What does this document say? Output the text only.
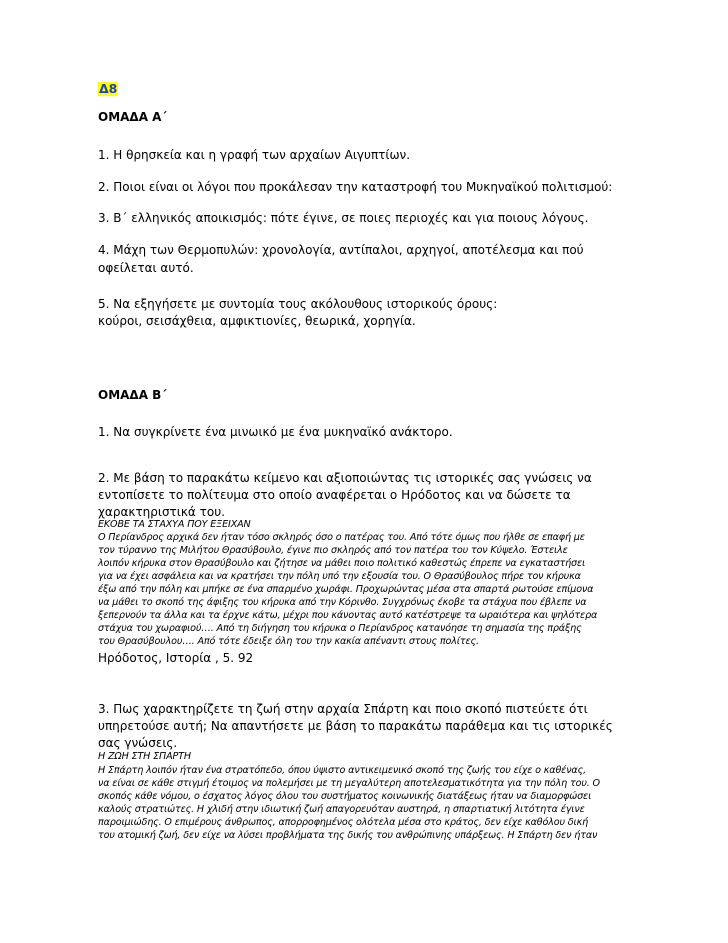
Δ8
ΟΜΑΔΑ Α΄
1. Η θρησκεία και η γραφή των αρχαίων Αιγυπτίων.
2. Ποιοι είναι οι λόγοι που προκάλεσαν την καταστροφή του Μυκηναϊκού πολιτισμού:
3. Β΄ ελληνικός αποικισμός: πότε έγινε, σε ποιες περιοχές και για ποιους λόγους.
4. Μάχη των Θερμοπυλών: χρονολογία, αντίπαλοι, αρχηγοί, αποτέλεσμα και πού
οφείλεται αυτό.
5. Να εξηγήσετε με συντομία τους ακόλουθους ιστορικούς όρους:
κούροι, σεισάχθεια, αμφικτιονίες, θεωρικά, χορηγία.
ΟΜΑΔΑ Β΄
1. Να συγκρίνετε ένα μινωικό με ένα μυκηναϊκό ανάκτορο.
2. Με βάση το παρακάτω κείμενο και αξιοποιώντας τις ιστορικές σας γνώσεις να
εντοπίσετε το πολίτευμα στο οποίο αναφέρεται ο Ηρόδοτος και να δώσετε τα
χαρακτηριστικά του.
ΕΚΟΒΕ ΤΑ ΣΤΑΧΥΑ ΠΟΥ ΕΞΕΙΧΑΝ

Ο Περίανδρος αρχικά δεν ήταν τόσο σκληρός όσο ο πατέρας του. Από τότε όμως που ήλθε σε επαφή με

τον τύραννο της Μιλήτου Θρασύβουλο, έγινε πιο σκληρός από τον πατέρα του τον Κύψελο. Έστειλε

λοιπόν κήρυκα στον Θρασύβουλο και ζήτησε να μάθει ποιο πολιτικό καθεστώς έπρεπε να εγκαταστήσει

για να έχει ασφάλεια και να κρατήσει την πόλη υπό την εξουσία του. Ο Θρασύβουλος πήρε τον κήρυκα

έξω από την πόλη και μπήκε σε ένα σπαρμένο χωράφι. Προχωρώντας μέσα στα σπαρτά ρωτούσε επίμονα

να μάθει το σκοπό της άφιξης του κήρυκα από την Κόρινθο. Συγχρόνως έκοβε τα στάχυα που έβλεπε να

ξεπερνούν τα άλλα και τα έρχνε κάτω, μέχρι που κάνοντας αυτό κατέστρεψε τα ωραιότερα και ψηλότερα

στάχυα του χωραφιού…. Από τη διήγηση του κήρυκα ο Περίανδρος κατανόησε τη σημασία της πράξης

του Θρασύβουλου…. Από τότε έδειξε όλη του την κακία απέναντι στους πολίτες.

Ηρόδοτος, Ιστορία , 5. 92
3. Πως χαρακτηρίζετε τη ζωή στην αρχαία Σπάρτη και ποιο σκοπό πιστεύετε ότι
υπηρετούσε αυτή; Να απαντήσετε με βάση το παρακάτω παράθεμα και τις ιστορικές
σας γνώσεις.
Η ΖΩΗ ΣΤΗ ΣΠΑΡΤΗ

Η Σπάρτη λοιπόν ήταν ένα στρατόπεδο, όπου ύψιστο αντικειμενικό σκοπό της ζωής του είχε ο καθένας,

να είναι σε κάθε στιγμή έτοιμος να πολεμήσει με τη μεγαλύτερη αποτελεσματικότητα για την πόλη του. Ο

σκοπός κάθε νόμου, ο έσχατος λόγος όλου του συστήματος κοινωνικής διατάξεως ήταν να διαμορφώσει

καλούς στρατιώτες. Η χλιδή στην ιδιωτική ζωή απαγορευόταν αυστηρά, η σπαρτιατική λιτότητα έγινε

παροιμιώδης. Ο επιμέρους άνθρωπος, απορροφημένος ολότελα μέσα στο κράτος, δεν είχε καθόλου δική

του ατομική ζωή, δεν είχε να λύσει προβλήματα της δικής του ανθρώπινης υπάρξεως. Η Σπάρτη δεν ήταν
